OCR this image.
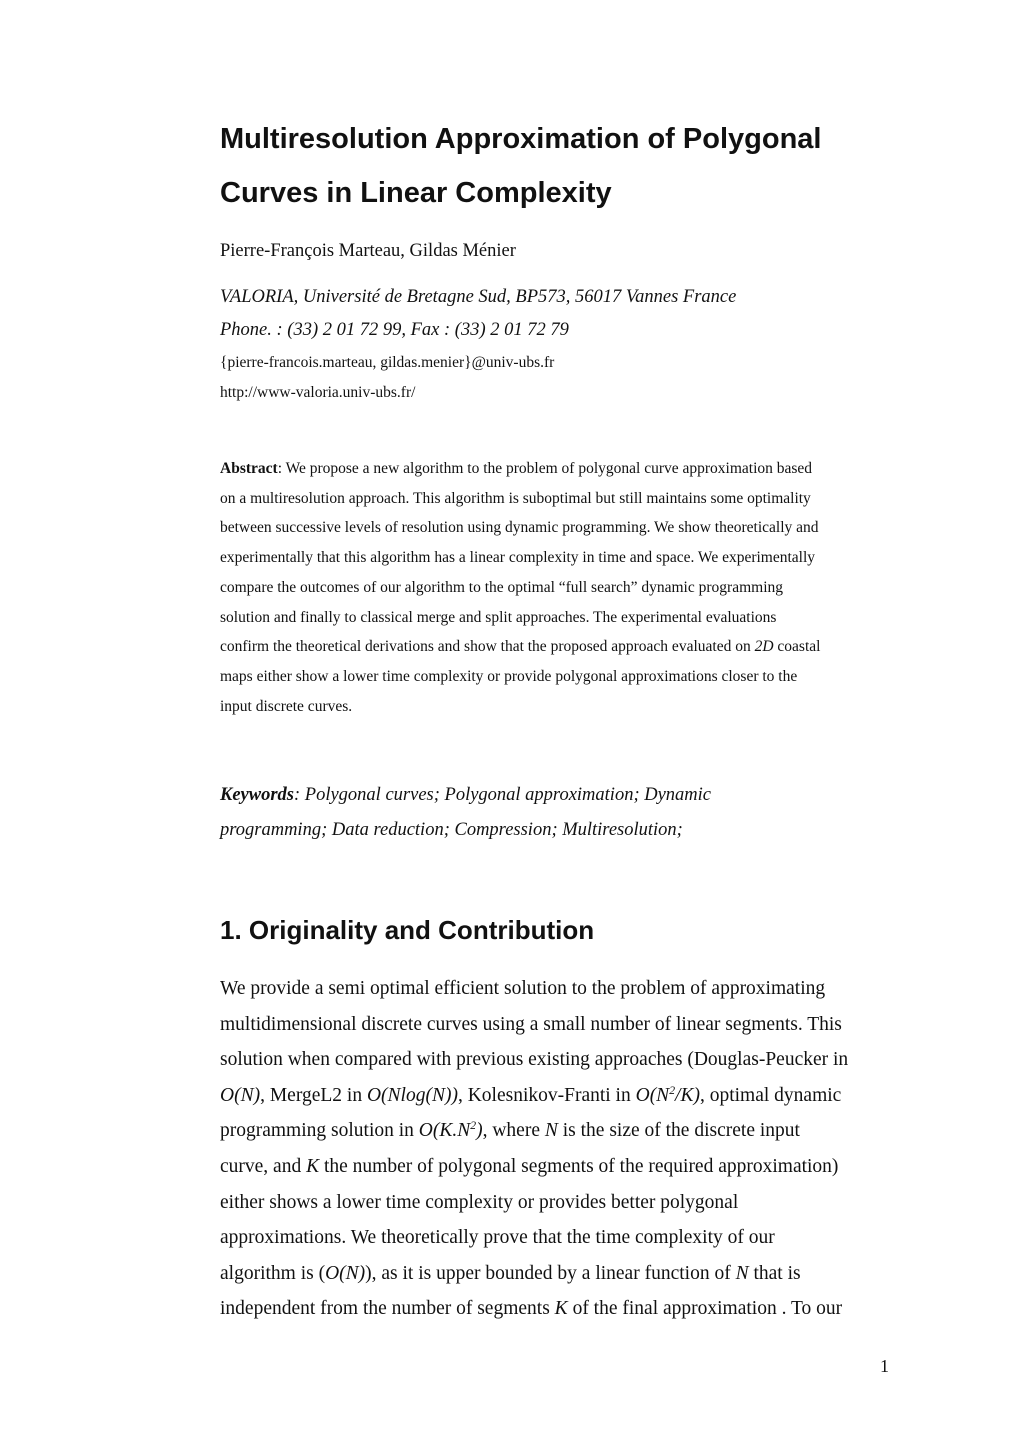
Multiresolution Approximation of Polygonal
Curves in Linear Complexity
Pierre-François Marteau, Gildas Ménier
VALORIA, Université de Bretagne Sud, BP573, 56017 Vannes France
Phone. : (33) 2 01 72 99, Fax : (33) 2 01 72 79
{pierre-francois.marteau, gildas.menier}@univ-ubs.fr
http://www-valoria.univ-ubs.fr/
Abstract: We propose a new algorithm to the problem of polygonal curve approximation based
on a multiresolution approach. This algorithm is suboptimal but still maintains some optimality
between successive levels of resolution using dynamic programming. We show theoretically and
experimentally that this algorithm has a linear complexity in time and space. We experimentally
compare the outcomes of our algorithm to the optimal “full search” dynamic programming
solution and finally to classical merge and split approaches. The experimental evaluations
confirm the theoretical derivations and show that the proposed approach evaluated on 2D coastal
maps either show a lower time complexity or provide polygonal approximations closer to the
input discrete curves.
Keywords: Polygonal curves; Polygonal approximation; Dynamic
programming; Data reduction; Compression; Multiresolution;
1. Originality and Contribution
We provide a semi optimal efficient solution to the problem of approximating
multidimensional discrete curves using a small number of linear segments. This
solution when compared with previous existing approaches (Douglas-Peucker in
O(N), MergeL2 in O(Nlog(N)), Kolesnikov-Franti in $O(N^2/K)$, optimal dynamic
programming solution in $O(K.N^2)$, where N is the size of the discrete input
curve, and K the number of polygonal segments of the required approximation)
either shows a lower time complexity or provides better polygonal
approximations. We theoretically prove that the time complexity of our
algorithm is (O(N)), as it is upper bounded by a linear function of N that is
independent from the number of segments K of the final approximation . To our
1
